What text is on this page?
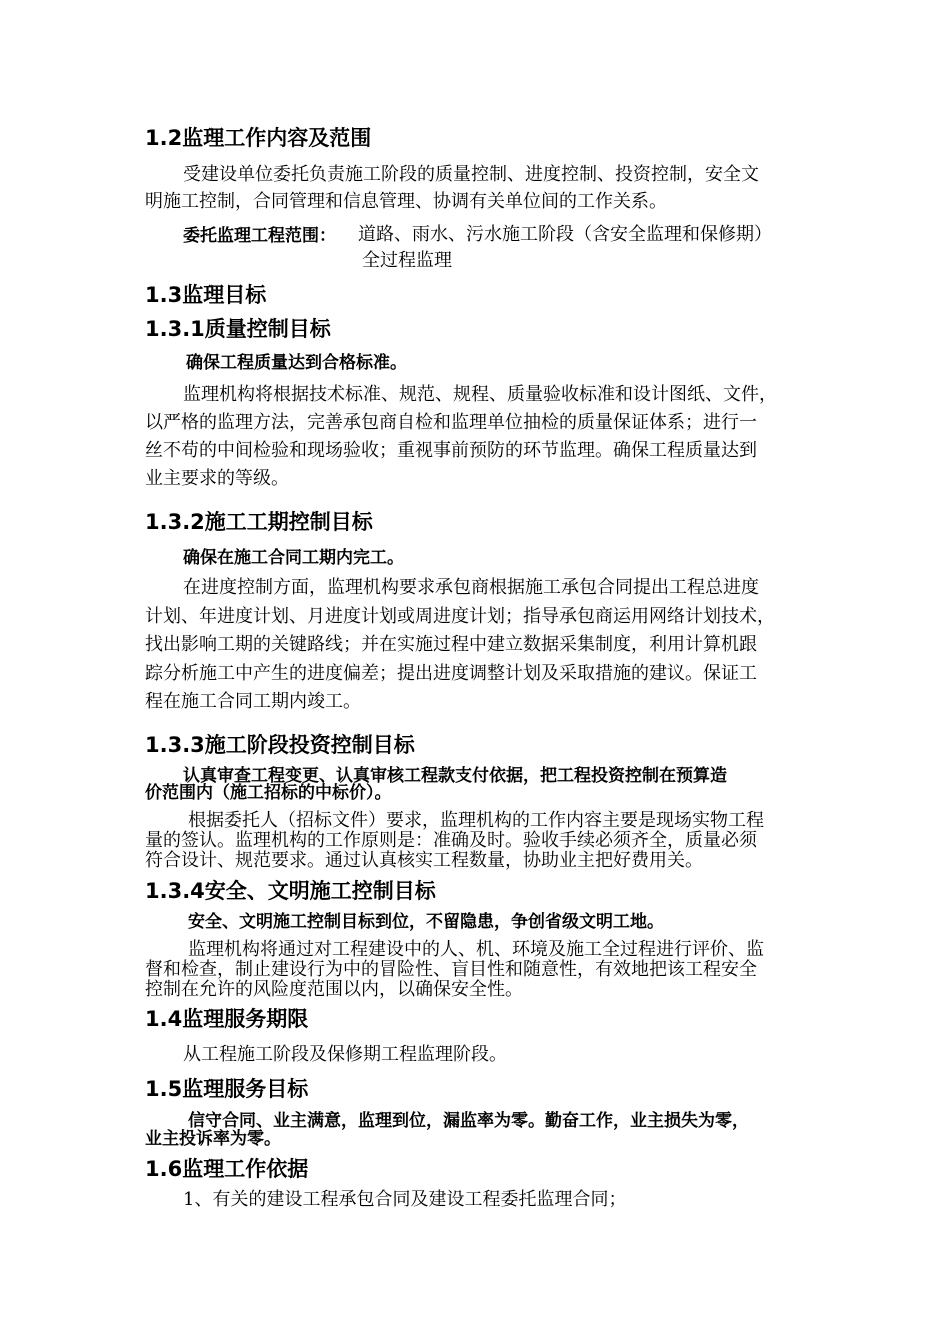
1.2监理工作内容及范围
受建设单位委托负责施工阶段的质量控制、进度控制、投资控制，安全文
明施工控制，合同管理和信息管理、协调有关单位间的工作关系。
委托监理工程范围： 道路、雨水、污水施工阶段（含安全监理和保修期）
全过程监理
1.3监理目标
1.3.1质量控制目标
确保工程质量达到合格标准。
监理机构将根据技术标准、规范、规程、质量验收标准和设计图纸、文件，
以严格的监理方法，完善承包商自检和监理单位抽检的质量保证体系；进行一
丝不苟的中间检验和现场验收；重视事前预防的环节监理。确保工程质量达到
业主要求的等级。
1.3.2施工工期控制目标
确保在施工合同工期内完工。
在进度控制方面，监理机构要求承包商根据施工承包合同提出工程总进度
计划、年进度计划、月进度计划或周进度计划；指导承包商运用网络计划技术，
找出影响工期的关键路线；并在实施过程中建立数据采集制度，利用计算机跟
踪分析施工中产生的进度偏差；提出进度调整计划及采取措施的建议。保证工
程在施工合同工期内竣工。
1.3.3施工阶段投资控制目标
认真审查工程变更、认真审核工程款支付依据，把工程投资控制在预算造
价范围内（施工招标的中标价）。
根据委托人（招标文件）要求，监理机构的工作内容主要是现场实物工程
量的签认。监理机构的工作原则是：准确及时。验收手续必须齐全，质量必须
符合设计、规范要求。通过认真核实工程数量，协助业主把好费用关。
1.3.4安全、文明施工控制目标
安全、文明施工控制目标到位，不留隐患，争创省级文明工地。
监理机构将通过对工程建设中的人、机、环境及施工全过程进行评价、监
督和检查，制止建设行为中的冒险性、盲目性和随意性，有效地把该工程安全
控制在允许的风险度范围以内，以确保安全性。
1.4监理服务期限
从工程施工阶段及保修期工程监理阶段。
1.5监理服务目标
信守合同、业主满意，监理到位，漏监率为零。勤奋工作，业主损失为零，
业主投诉率为零。
1.6监理工作依据
1、有关的建设工程承包合同及建设工程委托监理合同；
